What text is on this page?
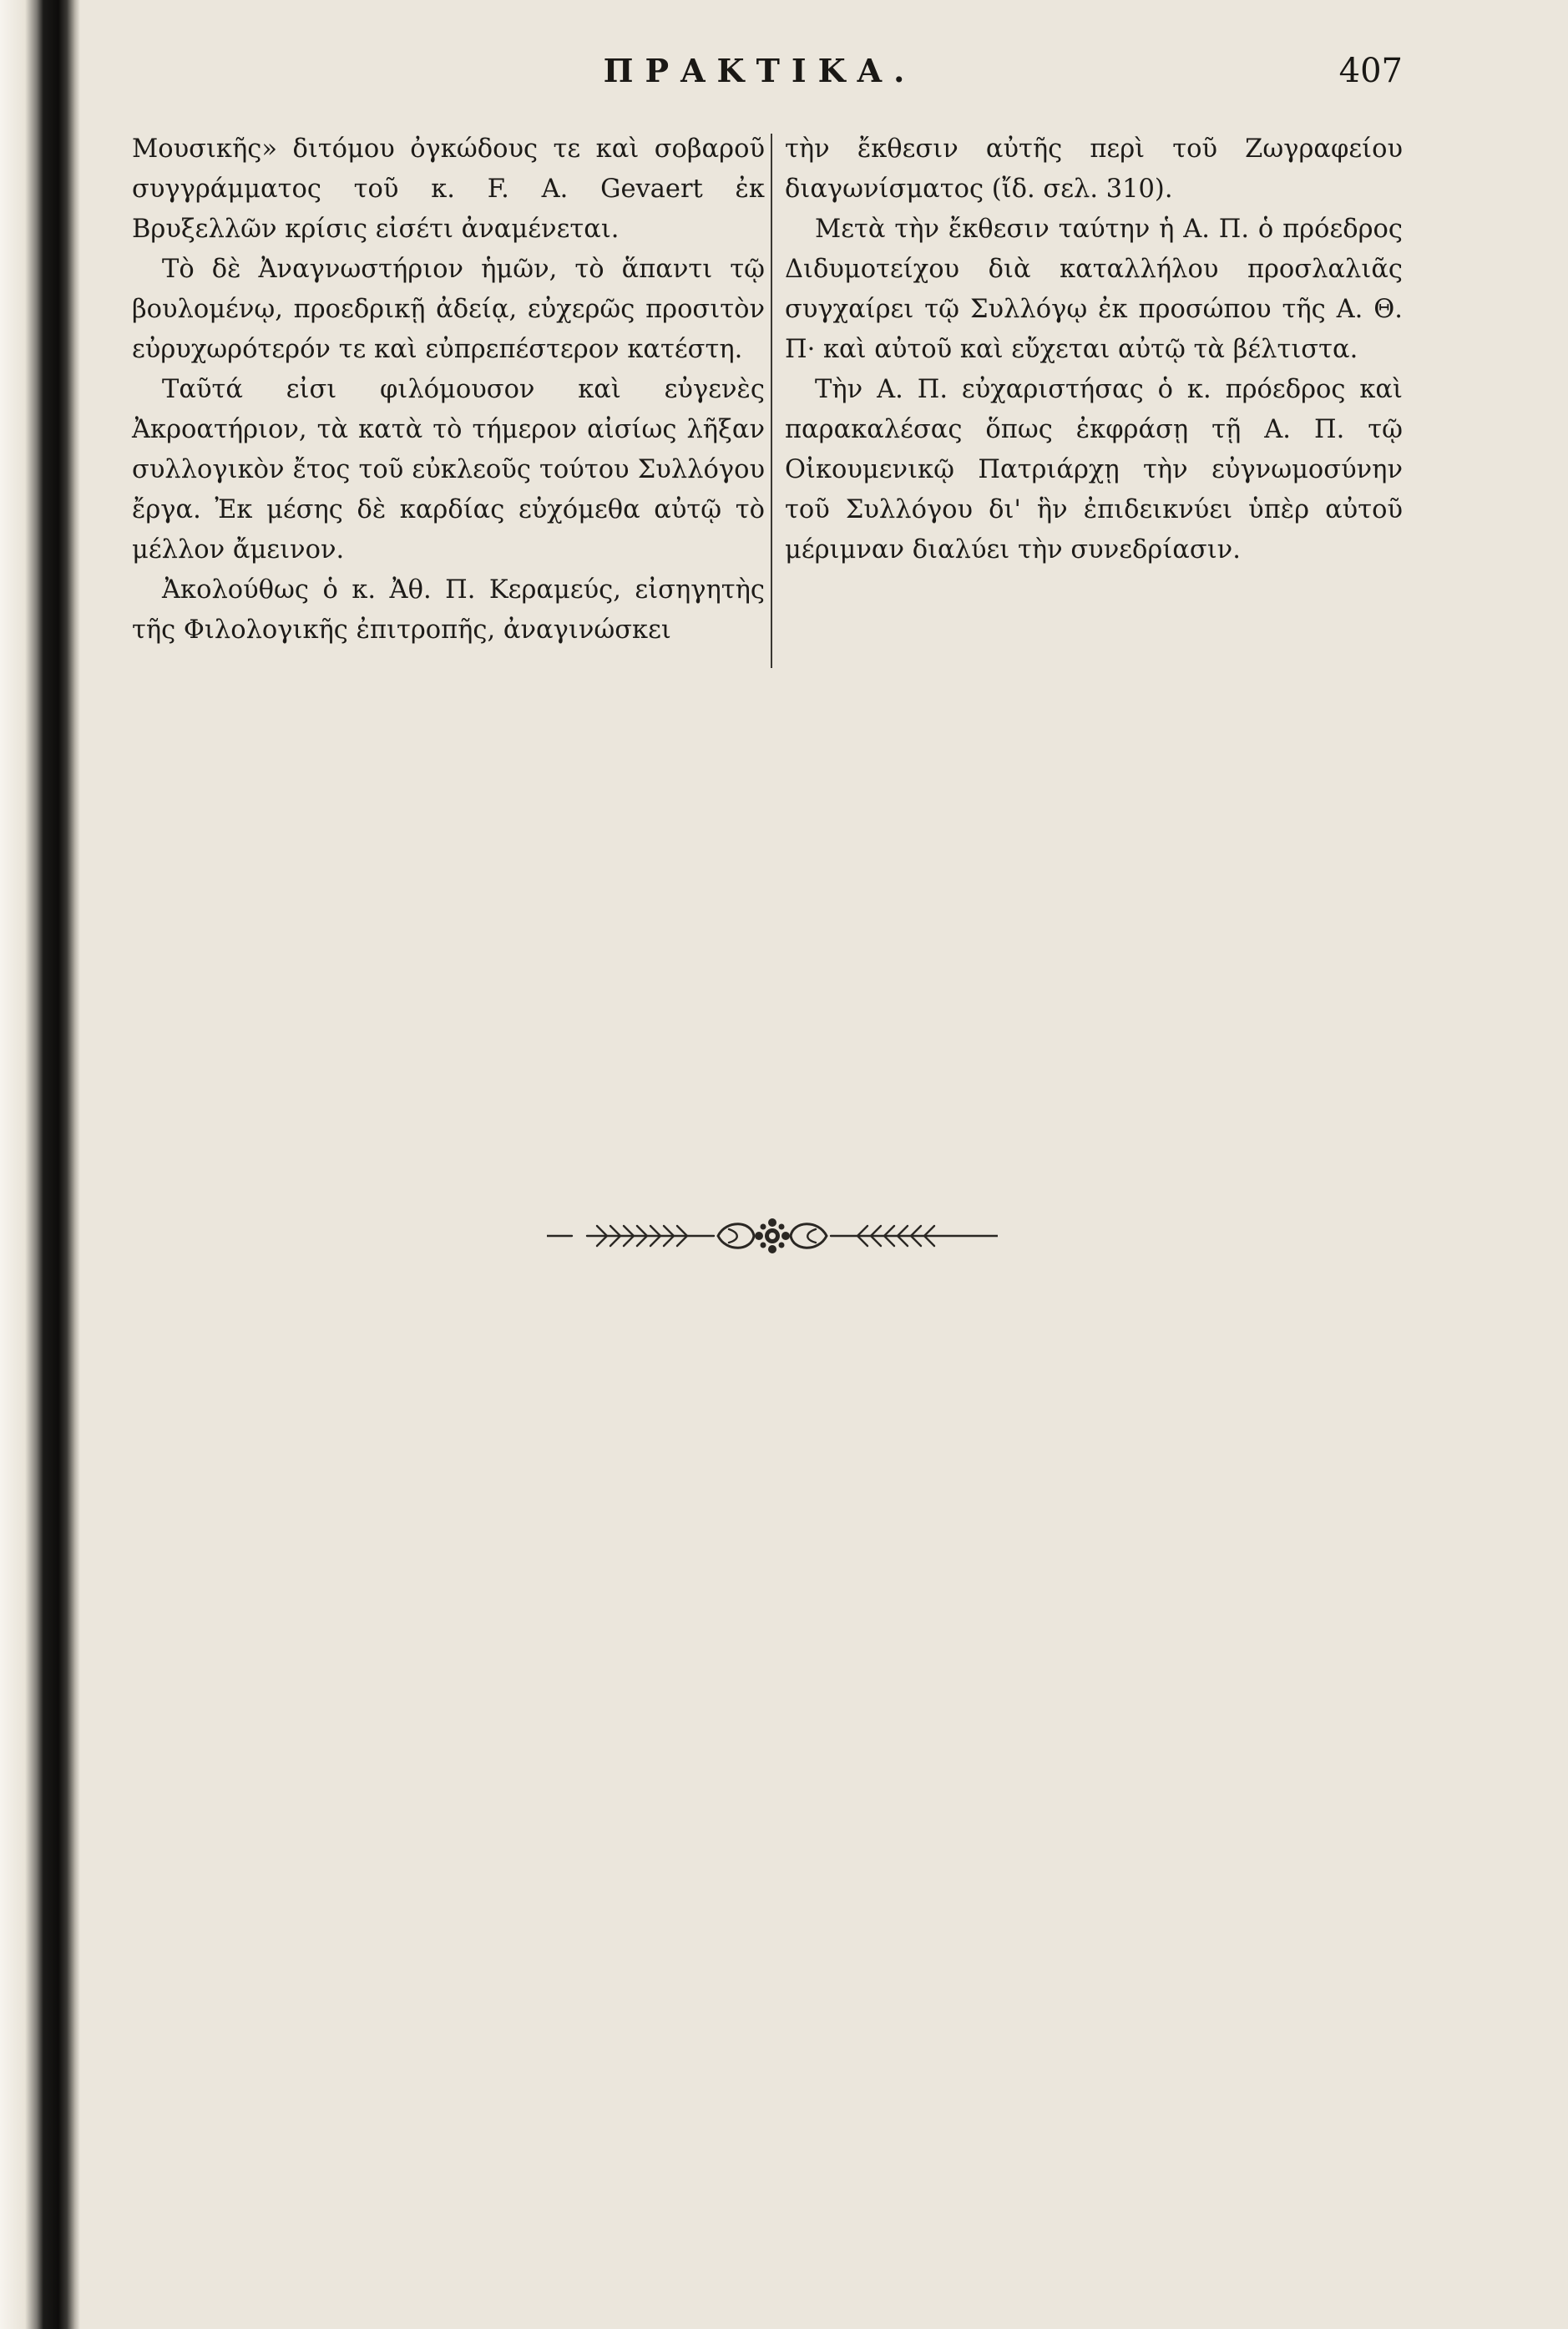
ΠΡΑΚΤΙΚΑ.	407

Μουσικῆς» διτόμου ὀγκώδους τε καὶ σοβαροῦ συγγράμματος τοῦ κ. F. A. Gevaert ἐκ Βρυξελλῶν κρίσις εἰσέτι ἀναμένεται.

Τὸ δὲ Ἀναγνωστήριον ἡμῶν, τὸ ἅπαντι τῷ βουλομένῳ, προεδρικῇ ἀδείᾳ, εὐχερῶς προσιτὸν εὐρυχωρότερόν τε καὶ εὐπρεπέστερον κατέστη.

Ταῦτά εἰσι φιλόμουσον καὶ εὐγενὲς Ἀκροατήριον, τὰ κατὰ τὸ τήμερον αἰσίως λῆξαν συλλογικὸν ἔτος τοῦ εὐκλεοῦς τούτου Συλλόγου ἔργα. Ἐκ μέσης δὲ καρδίας εὐχόμεθα αὐτῷ τὸ μέλλον ἄμεινον.

Ἀκολούθως ὁ κ. Ἀθ. Π. Κεραμεύς, εἰσηγητὴς τῆς Φιλολογικῆς ἐπιτροπῆς, ἀναγινώσκει

τὴν ἔκθεσιν αὐτῆς περὶ τοῦ Ζωγραφείου διαγωνίσματος (ἴδ. σελ. 310).

Μετὰ τὴν ἔκθεσιν ταύτην ἡ Α. Π. ὁ πρόεδρος Διδυμοτείχου διὰ καταλλήλου προσλαλιᾶς συγχαίρει τῷ Συλλόγῳ ἐκ προσώπου τῆς Α. Θ. Π· καὶ αὐτοῦ καὶ εὔχεται αὐτῷ τὰ βέλτιστα.

Τὴν Α. Π. εὐχαριστήσας ὁ κ. πρόεδρος καὶ παρακαλέσας ὅπως ἐκφράσῃ τῇ Α. Π. τῷ Οἰκουμενικῷ Πατριάρχῃ τὴν εὐγνωμοσύνην τοῦ Συλλόγου δι' ἣν ἐπιδεικνύει ὑπὲρ αὐτοῦ μέριμναν διαλύει τὴν συνεδρίασιν.
